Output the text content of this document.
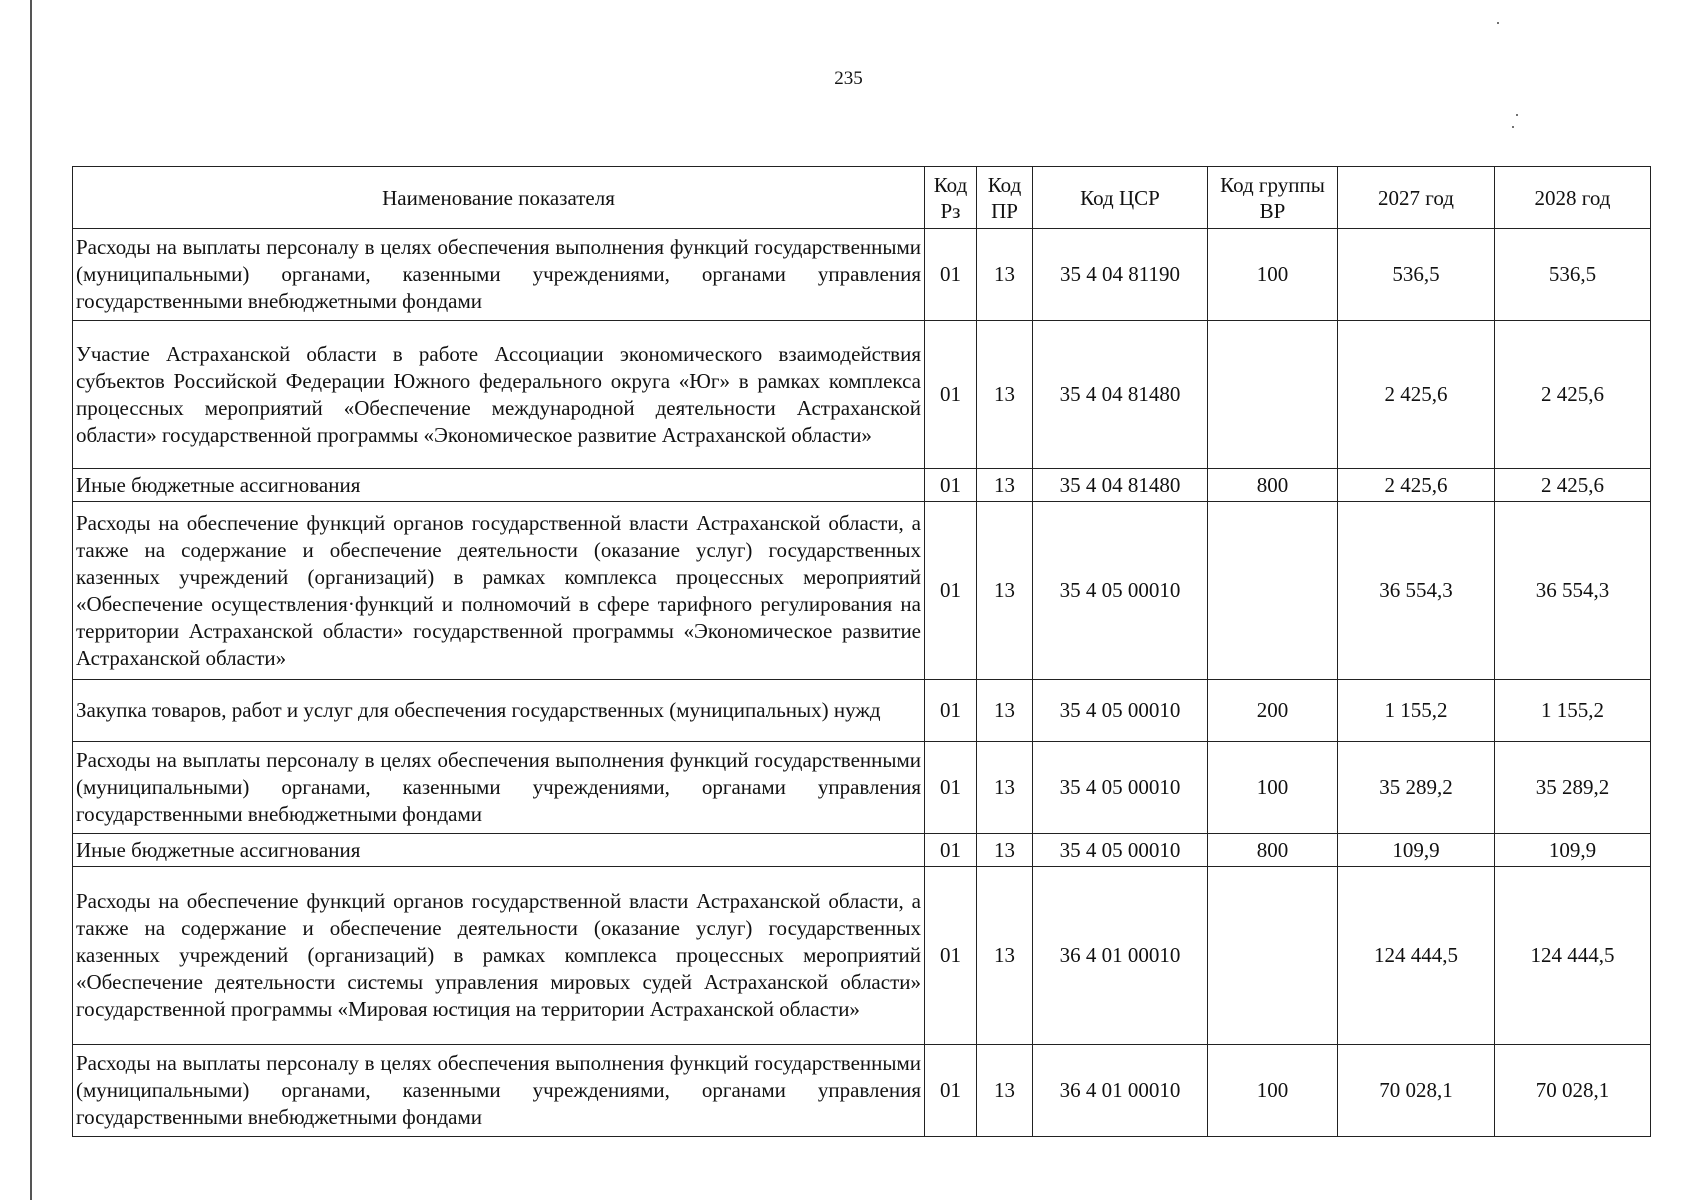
235
Наименование показателя	Код Рз	Код ПР	Код ЦСР	Код группы ВР	2027 год	2028 год
Расходы на выплаты персоналу в целях обеспечения выполнения функций государственными (муниципальными) органами, казенными учреждениями, органами управления государственными внебюджетными фондами	01	13	35 4 04 81190	100	536,5	536,5
Участие Астраханской области в работе Ассоциации экономического взаимодействия субъектов Российской Федерации Южного федерального округа «Юг» в рамках комплекса процессных мероприятий «Обеспечение международной деятельности Астраханской области» государственной программы «Экономическое развитие Астраханской области»	01	13	35 4 04 81480		2 425,6	2 425,6
Иные бюджетные ассигнования	01	13	35 4 04 81480	800	2 425,6	2 425,6
Расходы на обеспечение функций органов государственной власти Астраханской области, а также на содержание и обеспечение деятельности (оказание услуг) государственных казенных учреждений (организаций) в рамках комплекса процессных мероприятий «Обеспечение осуществления·функций и полномочий в сфере тарифного регулирования на территории Астраханской области» государственной программы «Экономическое развитие Астраханской области»	01	13	35 4 05 00010		36 554,3	36 554,3
Закупка товаров, работ и услуг для обеспечения государственных (муниципальных) нужд	01	13	35 4 05 00010	200	1 155,2	1 155,2
Расходы на выплаты персоналу в целях обеспечения выполнения функций государственными (муниципальными) органами, казенными учреждениями, органами управления государственными внебюджетными фондами	01	13	35 4 05 00010	100	35 289,2	35 289,2
Иные бюджетные ассигнования	01	13	35 4 05 00010	800	109,9	109,9
Расходы на обеспечение функций органов государственной власти Астраханской области, а также на содержание и обеспечение деятельности (оказание услуг) государственных казенных учреждений (организаций) в рамках комплекса процессных мероприятий «Обеспечение деятельности системы управления мировых судей Астраханской области» государственной программы «Мировая юстиция на территории Астраханской области»	01	13	36 4 01 00010		124 444,5	124 444,5
Расходы на выплаты персоналу в целях обеспечения выполнения функций государственными (муниципальными) органами, казенными учреждениями, органами управления государственными внебюджетными фондами	01	13	36 4 01 00010	100	70 028,1	70 028,1
